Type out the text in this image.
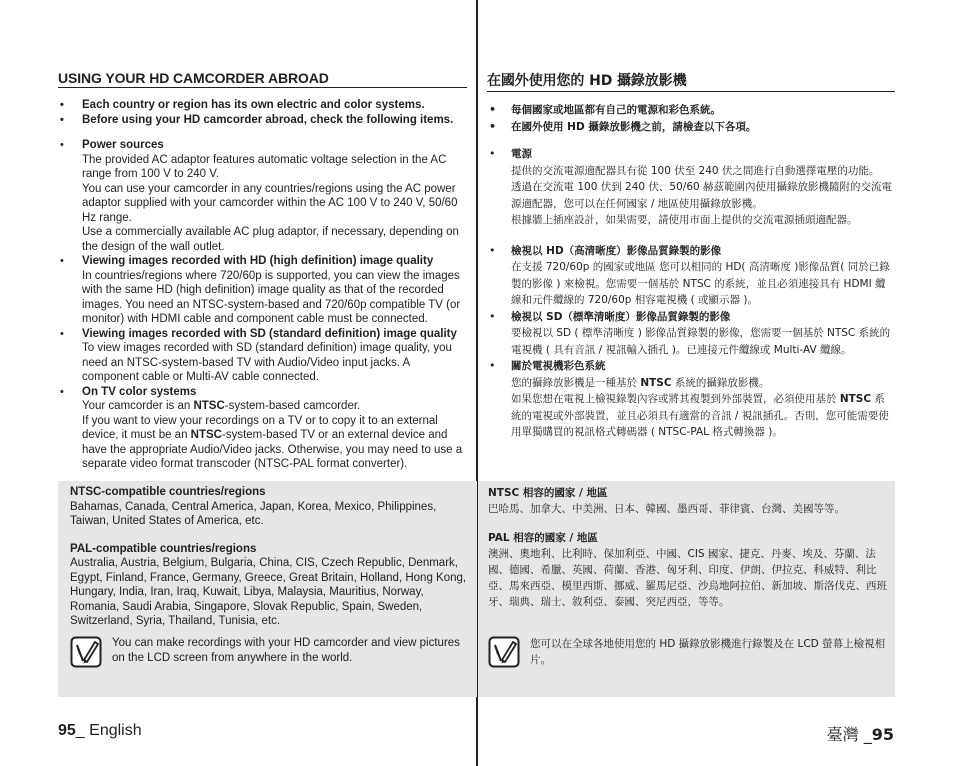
USING YOUR HD CAMCORDER ABROAD
• Each country or region has its own electric and color systems.
• Before using your HD camcorder abroad, check the following items.
• Power sources
The provided AC adaptor features automatic voltage selection in the AC range from 100 V to 240 V.
You can use your camcorder in any countries/regions using the AC power adaptor supplied with your camcorder within the AC 100 V to 240 V, 50/60 Hz range.
Use a commercially available AC plug adaptor, if necessary, depending on the design of the wall outlet.
• Viewing images recorded with HD (high definition) image quality
In countries/regions where 720/60p is supported, you can view the images with the same HD (high definition) image quality as that of the recorded images. You need an NTSC-system-based and 720/60p compatible TV (or monitor) with HDMI cable and component cable must be connected.
• Viewing images recorded with SD (standard definition) image quality
To view images recorded with SD (standard definition) image quality, you need an NTSC-system-based TV with Audio/Video input jacks. A component cable or Multi-AV cable connected.
• On TV color systems
Your camcorder is an NTSC-system-based camcorder.
If you want to view your recordings on a TV or to copy it to an external device, it must be an NTSC-system-based TV or an external device and have the appropriate Audio/Video jacks. Otherwise, you may need to use a separate video format transcoder (NTSC-PAL format converter).
在國外使用您的 HD 攝錄放影機
• 每個國家或地區都有自己的電源和彩色系統。
• 在國外使用 HD 攝錄放影機之前，請檢查以下各項。
• 電源
提供的交流電源適配器具有從 100 伏至 240 伏之間進行自動選擇電壓的功能。
透過在交流電 100 伏到 240 伏、50/60 赫茲範圍內使用攝錄放影機隨附的交流電源適配器，您可以在任何國家 / 地區使用攝錄放影機。
根據牆上插座設計，如果需要，請使用市面上提供的交流電源插頭適配器。
• 檢視以 HD（高清晰度）影像品質錄製的影像
在支援 720/60p 的國家或地區 您可以相同的 HD( 高清晰度 )影像品質( 同於已錄製的影像 ) 來檢視。您需要一個基於 NTSC 的系統，並且必須連接具有 HDMI 纜線和元件纜線的 720/60p 相容電視機 ( 或顯示器 )。
• 檢視以 SD（標準清晰度）影像品質錄製的影像
要檢視以 SD ( 標準清晰度 ) 影像品質錄製的影像，您需要一個基於 NTSC 系統的電視機 ( 具有音訊 / 視訊輸入插孔 )。已連接元件纜線或 Multi-AV 纜線。
• 關於電視機彩色系統
您的攝錄放影機是一種基於 NTSC 系統的攝錄放影機。
如果您想在電視上檢視錄製內容或將其複製到外部裝置，必須使用基於 NTSC 系統的電視或外部裝置，並且必須具有適當的音訊 / 視訊插孔。否則，您可能需要使用單獨購買的視訊格式轉碼器 ( NTSC-PAL 格式轉換器 )。
NTSC-compatible countries/regions
Bahamas, Canada, Central America, Japan, Korea, Mexico, Philippines, Taiwan, United States of America, etc.
PAL-compatible countries/regions
Australia, Austria, Belgium, Bulgaria, China, CIS, Czech Republic, Denmark, Egypt, Finland, France, Germany, Greece, Great Britain, Holland, Hong Kong, Hungary, India, Iran, Iraq, Kuwait, Libya, Malaysia, Mauritius, Norway, Romania, Saudi Arabia, Singapore, Slovak Republic, Spain, Sweden, Switzerland, Syria, Thailand, Tunisia, etc.
You can make recordings with your HD camcorder and view pictures on the LCD screen from anywhere in the world.
NTSC 相容的國家 / 地區
巴哈馬、加拿大、中美洲、日本、韓國、墨西哥、菲律賓、台灣、美國等等。
PAL 相容的國家 / 地區
澳洲、奧地利、比利時、保加利亞、中國、CIS 國家、捷克、丹麥、埃及、芬蘭、法國、德國、希臘、英國、荷蘭、香港、匈牙利、印度、伊朗、伊拉克、科威特、利比亞、馬來西亞、模里西斯、挪威、羅馬尼亞、沙烏地阿拉伯、新加坡、斯洛伐克、西班牙、瑞典、瑞士、敘利亞、泰國、突尼西亞，等等。
您可以在全球各地使用您的 HD 攝錄放影機進行錄製及在 LCD 螢幕上檢視相片。
95_ English	臺灣 _95
